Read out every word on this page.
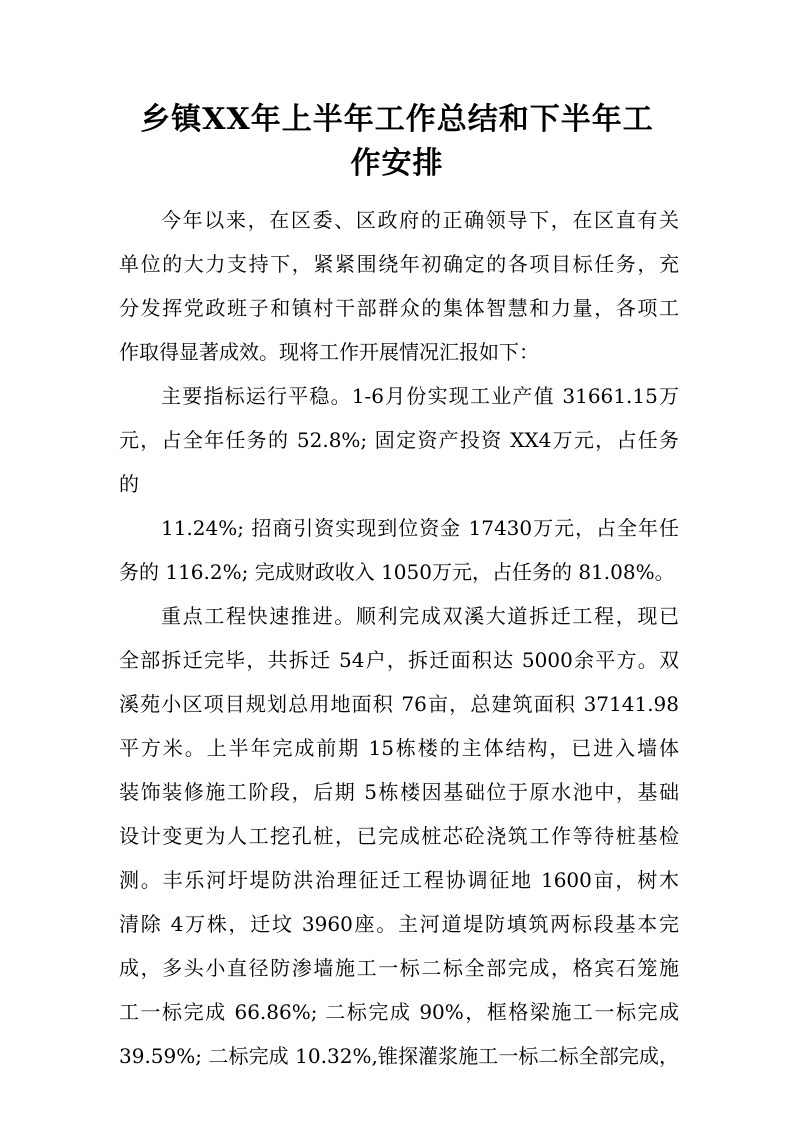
乡镇XX年上半年工作总结和下半年工
作安排
今年以来，在区委、区政府的正确领导下，在区直有关
单位的大力支持下，紧紧围绕年初确定的各项目标任务，充
分发挥党政班子和镇村干部群众的集体智慧和力量，各项工
作取得显著成效。现将工作开展情况汇报如下：
主要指标运行平稳。1-6月份实现工业产值 31661.15万
元，占全年任务的 52.8%; 固定资产投资 XX4万元，占任务
的
11.24%; 招商引资实现到位资金 17430万元，占全年任
务的 116.2%; 完成财政收入 1050万元，占任务的 81.08%。
重点工程快速推进。顺利完成双溪大道拆迁工程，现已
全部拆迁完毕，共拆迁 54户，拆迁面积达 5000余平方。双
溪苑小区项目规划总用地面积 76亩，总建筑面积 37141.98
平方米。上半年完成前期 15栋楼的主体结构，已进入墙体
装饰装修施工阶段，后期 5栋楼因基础位于原水池中，基础
设计变更为人工挖孔桩，已完成桩芯砼浇筑工作等待桩基检
测。丰乐河圩堤防洪治理征迁工程协调征地 1600亩，树木
清除 4万株，迁坟 3960座。主河道堤防填筑两标段基本完
成，多头小直径防渗墙施工一标二标全部完成，格宾石笼施
工一标完成 66.86%; 二标完成 90%，框格梁施工一标完成
39.59%; 二标完成 10.32%,锥探灌浆施工一标二标全部完成，
